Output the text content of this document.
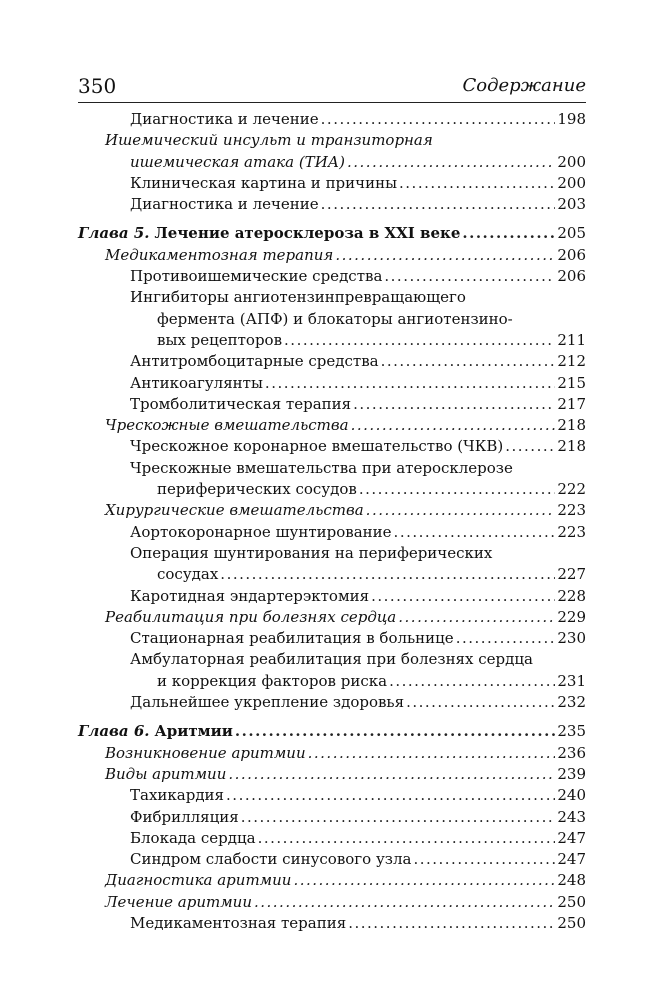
350	Содержание
Диагностика и лечение .....	198
Ишемический инсульт и транзиторная
ишемическая атака (ТИА) .....	200
Клиническая картина и причины .....	200
Диагностика и лечение .....	203
Глава 5. Лечение атеросклероза в XXI веке .....	205
Медикаментозная терапия .....	206
Противоишемические средства .....	206
Ингибиторы ангиотензинпревращающего
фермента (АПФ) и блокаторы ангиотензино-
вых рецепторов .....	211
Антитромбоцитарные средства .....	212
Антикоагулянты .....	215
Тромболитическая терапия .....	217
Чрескожные вмешательства .....	218
Чрескожное коронарное вмешательство (ЧКВ) .....	218
Чрескожные вмешательства при атеросклерозе
периферических сосудов .....	222
Хирургические вмешательства .....	223
Аортокоронарное шунтирование .....	223
Операция шунтирования на периферических
сосудах .....	227
Каротидная эндартерэктомия .....	228
Реабилитация при болезнях сердца .....	229
Стационарная реабилитация в больнице .....	230
Амбулаторная реабилитация при болезнях сердца
и коррекция факторов риска .....	231
Дальнейшее укрепление здоровья .....	232
Глава 6. Аритмии .....	235
Возникновение аритмии .....	236
Виды аритмии .....	239
Тахикардия .....	240
Фибрилляция .....	243
Блокада сердца .....	247
Синдром слабости синусового узла .....	247
Диагностика аритмии .....	248
Лечение аритмии .....	250
Медикаментозная терапия .....	250
